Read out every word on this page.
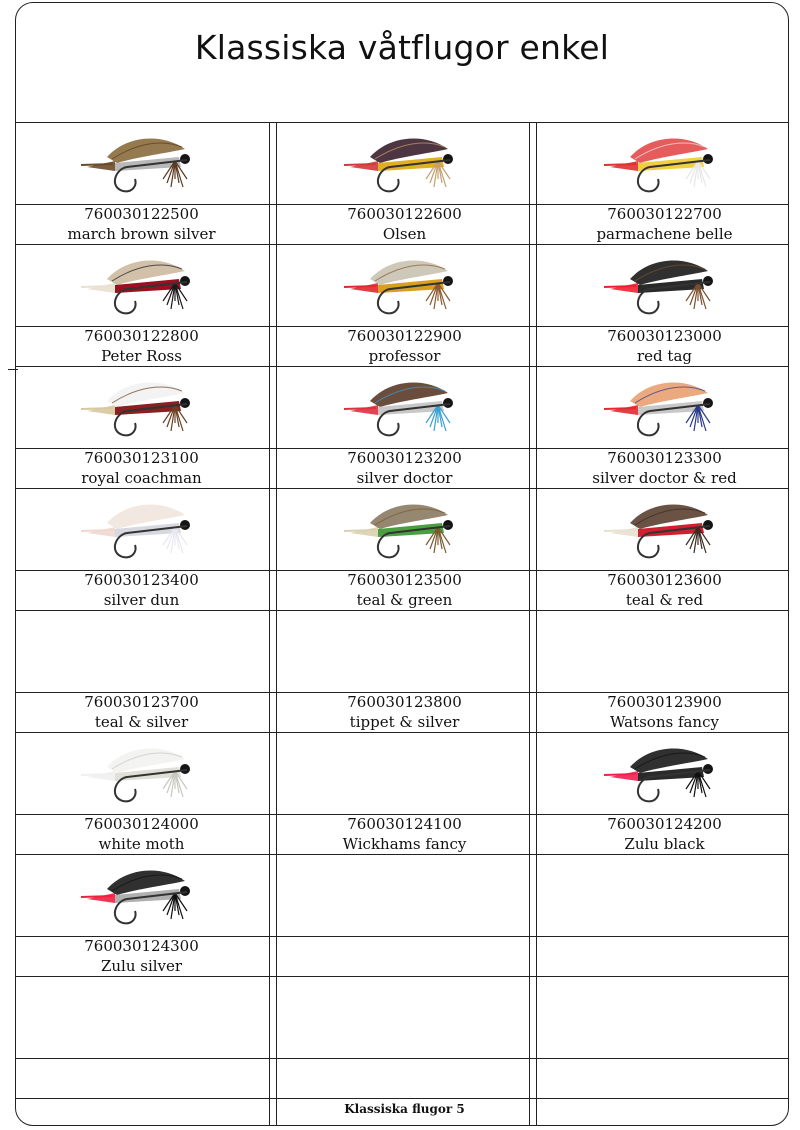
Klassiska våtflugor enkel
760030122500
march brown silver
760030122600
Olsen
760030122700
parmachene belle
760030122800
Peter Ross
760030122900
professor
760030123000
red tag
760030123100
royal coachman
760030123200
silver doctor
760030123300
silver doctor & red
760030123400
silver dun
760030123500
teal & green
760030123600
teal & red
760030123700
teal & silver
760030123800
tippet & silver
760030123900
Watsons fancy
760030124000
white moth
760030124100
Wickhams fancy
760030124200
Zulu black
760030124300
Zulu silver
Klassiska flugor 5
